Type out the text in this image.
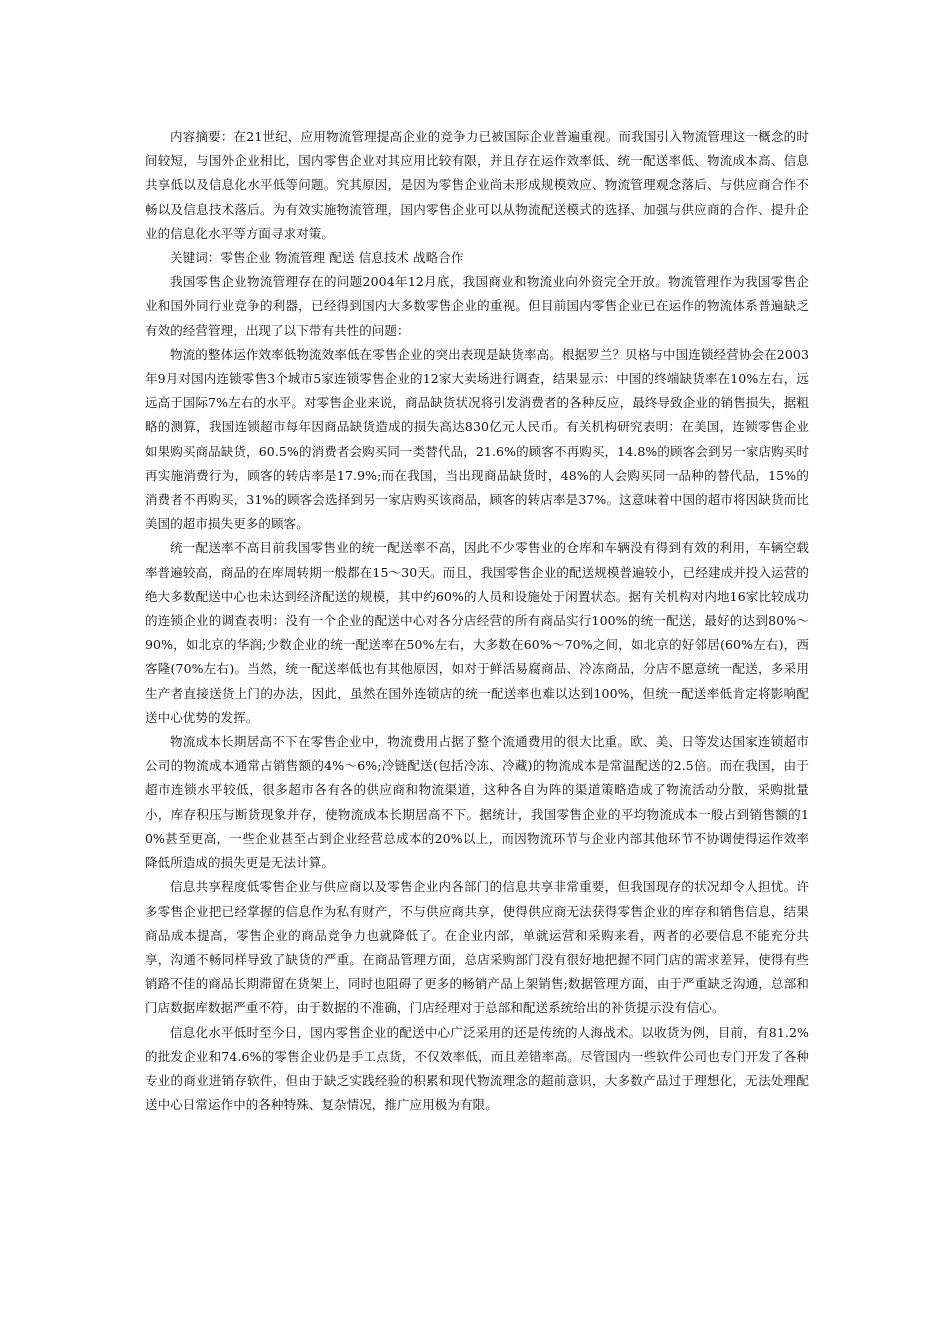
内容摘要：在21世纪，应用物流管理提高企业的竞争力已被国际企业普遍重视。而我国引入物流管理这一概念的时间较短，与国外企业相比，国内零售企业对其应用比较有限，并且存在运作效率低、统一配送率低、物流成本高、信息共享低以及信息化水平低等问题。究其原因，是因为零售企业尚未形成规模效应、物流管理观念落后、与供应商合作不畅以及信息技术落后。为有效实施物流管理，国内零售企业可以从物流配送模式的选择、加强与供应商的合作、提升企业的信息化水平等方面寻求对策。

关键词：零售企业 物流管理 配送 信息技术 战略合作

我国零售企业物流管理存在的问题2004年12月底，我国商业和物流业向外资完全开放。物流管理作为我国零售企业和国外同行业竞争的利器，已经得到国内大多数零售企业的重视。但目前国内零售企业已在运作的物流体系普遍缺乏有效的经营管理，出现了以下带有共性的问题：

物流的整体运作效率低物流效率低在零售企业的突出表现是缺货率高。根据罗兰？贝格与中国连锁经营协会在2003年9月对国内连锁零售3个城市5家连锁零售企业的12家大卖场进行调查，结果显示：中国的终端缺货率在10%左右，远远高于国际7%左右的水平。对零售企业来说，商品缺货状况将引发消费者的各种反应，最终导致企业的销售损失，据粗略的测算，我国连锁超市每年因商品缺货造成的损失高达830亿元人民币。有关机构研究表明：在美国，连锁零售企业如果购买商品缺货，60.5%的消费者会购买同一类替代品，21.6%的顾客不再购买，14.8%的顾客会到另一家店购买时再实施消费行为，顾客的转店率是17.9%;而在我国，当出现商品缺货时，48%的人会购买同一品种的替代品，15%的消费者不再购买，31%的顾客会选择到另一家店购买该商品，顾客的转店率是37%。这意味着中国的超市将因缺货而比美国的超市损失更多的顾客。

统一配送率不高目前我国零售业的统一配送率不高，因此不少零售业的仓库和车辆没有得到有效的利用，车辆空载率普遍较高，商品的在库周转期一般都在15～30天。而且，我国零售企业的配送规模普遍较小，已经建成并投入运营的绝大多数配送中心也未达到经济配送的规模，其中约60%的人员和设施处于闲置状态。据有关机构对内地16家比较成功的连锁企业的调查表明：没有一个企业的配送中心对各分店经营的所有商品实行100%的统一配送，最好的达到80%～90%，如北京的华润;少数企业的统一配送率在50%左右，大多数在60%～70%之间，如北京的好邻居(60%左右)，西客隆(70%左右)。当然，统一配送率低也有其他原因，如对于鲜活易腐商品、冷冻商品，分店不愿意统一配送，多采用生产者直接送货上门的办法，因此，虽然在国外连锁店的统一配送率也难以达到100%，但统一配送率低肯定将影响配送中心优势的发挥。

物流成本长期居高不下在零售企业中，物流费用占据了整个流通费用的很大比重。欧、美、日等发达国家连锁超市公司的物流成本通常占销售额的4%～6%;冷链配送(包括冷冻、冷藏)的物流成本是常温配送的2.5倍。而在我国，由于超市连锁水平较低，很多超市各有各的供应商和物流渠道，这种各自为阵的渠道策略造成了物流活动分散，采购批量小，库存积压与断货现象并存，使物流成本长期居高不下。据统计，我国零售企业的平均物流成本一般占到销售额的10%甚至更高，一些企业甚至占到企业经营总成本的20%以上，而因物流环节与企业内部其他环节不协调使得运作效率降低所造成的损失更是无法计算。

信息共享程度低零售企业与供应商以及零售企业内各部门的信息共享非常重要，但我国现存的状况却令人担忧。许多零售企业把已经掌握的信息作为私有财产，不与供应商共享，使得供应商无法获得零售企业的库存和销售信息，结果商品成本提高，零售企业的商品竞争力也就降低了。在企业内部，单就运营和采购来看，两者的必要信息不能充分共享，沟通不畅同样导致了缺货的严重。在商品管理方面，总店采购部门没有很好地把握不同门店的需求差异，使得有些销路不佳的商品长期滞留在货架上，同时也阻碍了更多的畅销产品上架销售;数据管理方面，由于严重缺乏沟通，总部和门店数据库数据严重不符，由于数据的不准确，门店经理对于总部和配送系统给出的补货提示没有信心。

信息化水平低时至今日，国内零售企业的配送中心广泛采用的还是传统的人海战术。以收货为例，目前，有81.2%的批发企业和74.6%的零售企业仍是手工点货，不仅效率低，而且差错率高。尽管国内一些软件公司也专门开发了各种专业的商业进销存软件，但由于缺乏实践经验的积累和现代物流理念的超前意识，大多数产品过于理想化，无法处理配送中心日常运作中的各种特殊、复杂情况，推广应用极为有限。
